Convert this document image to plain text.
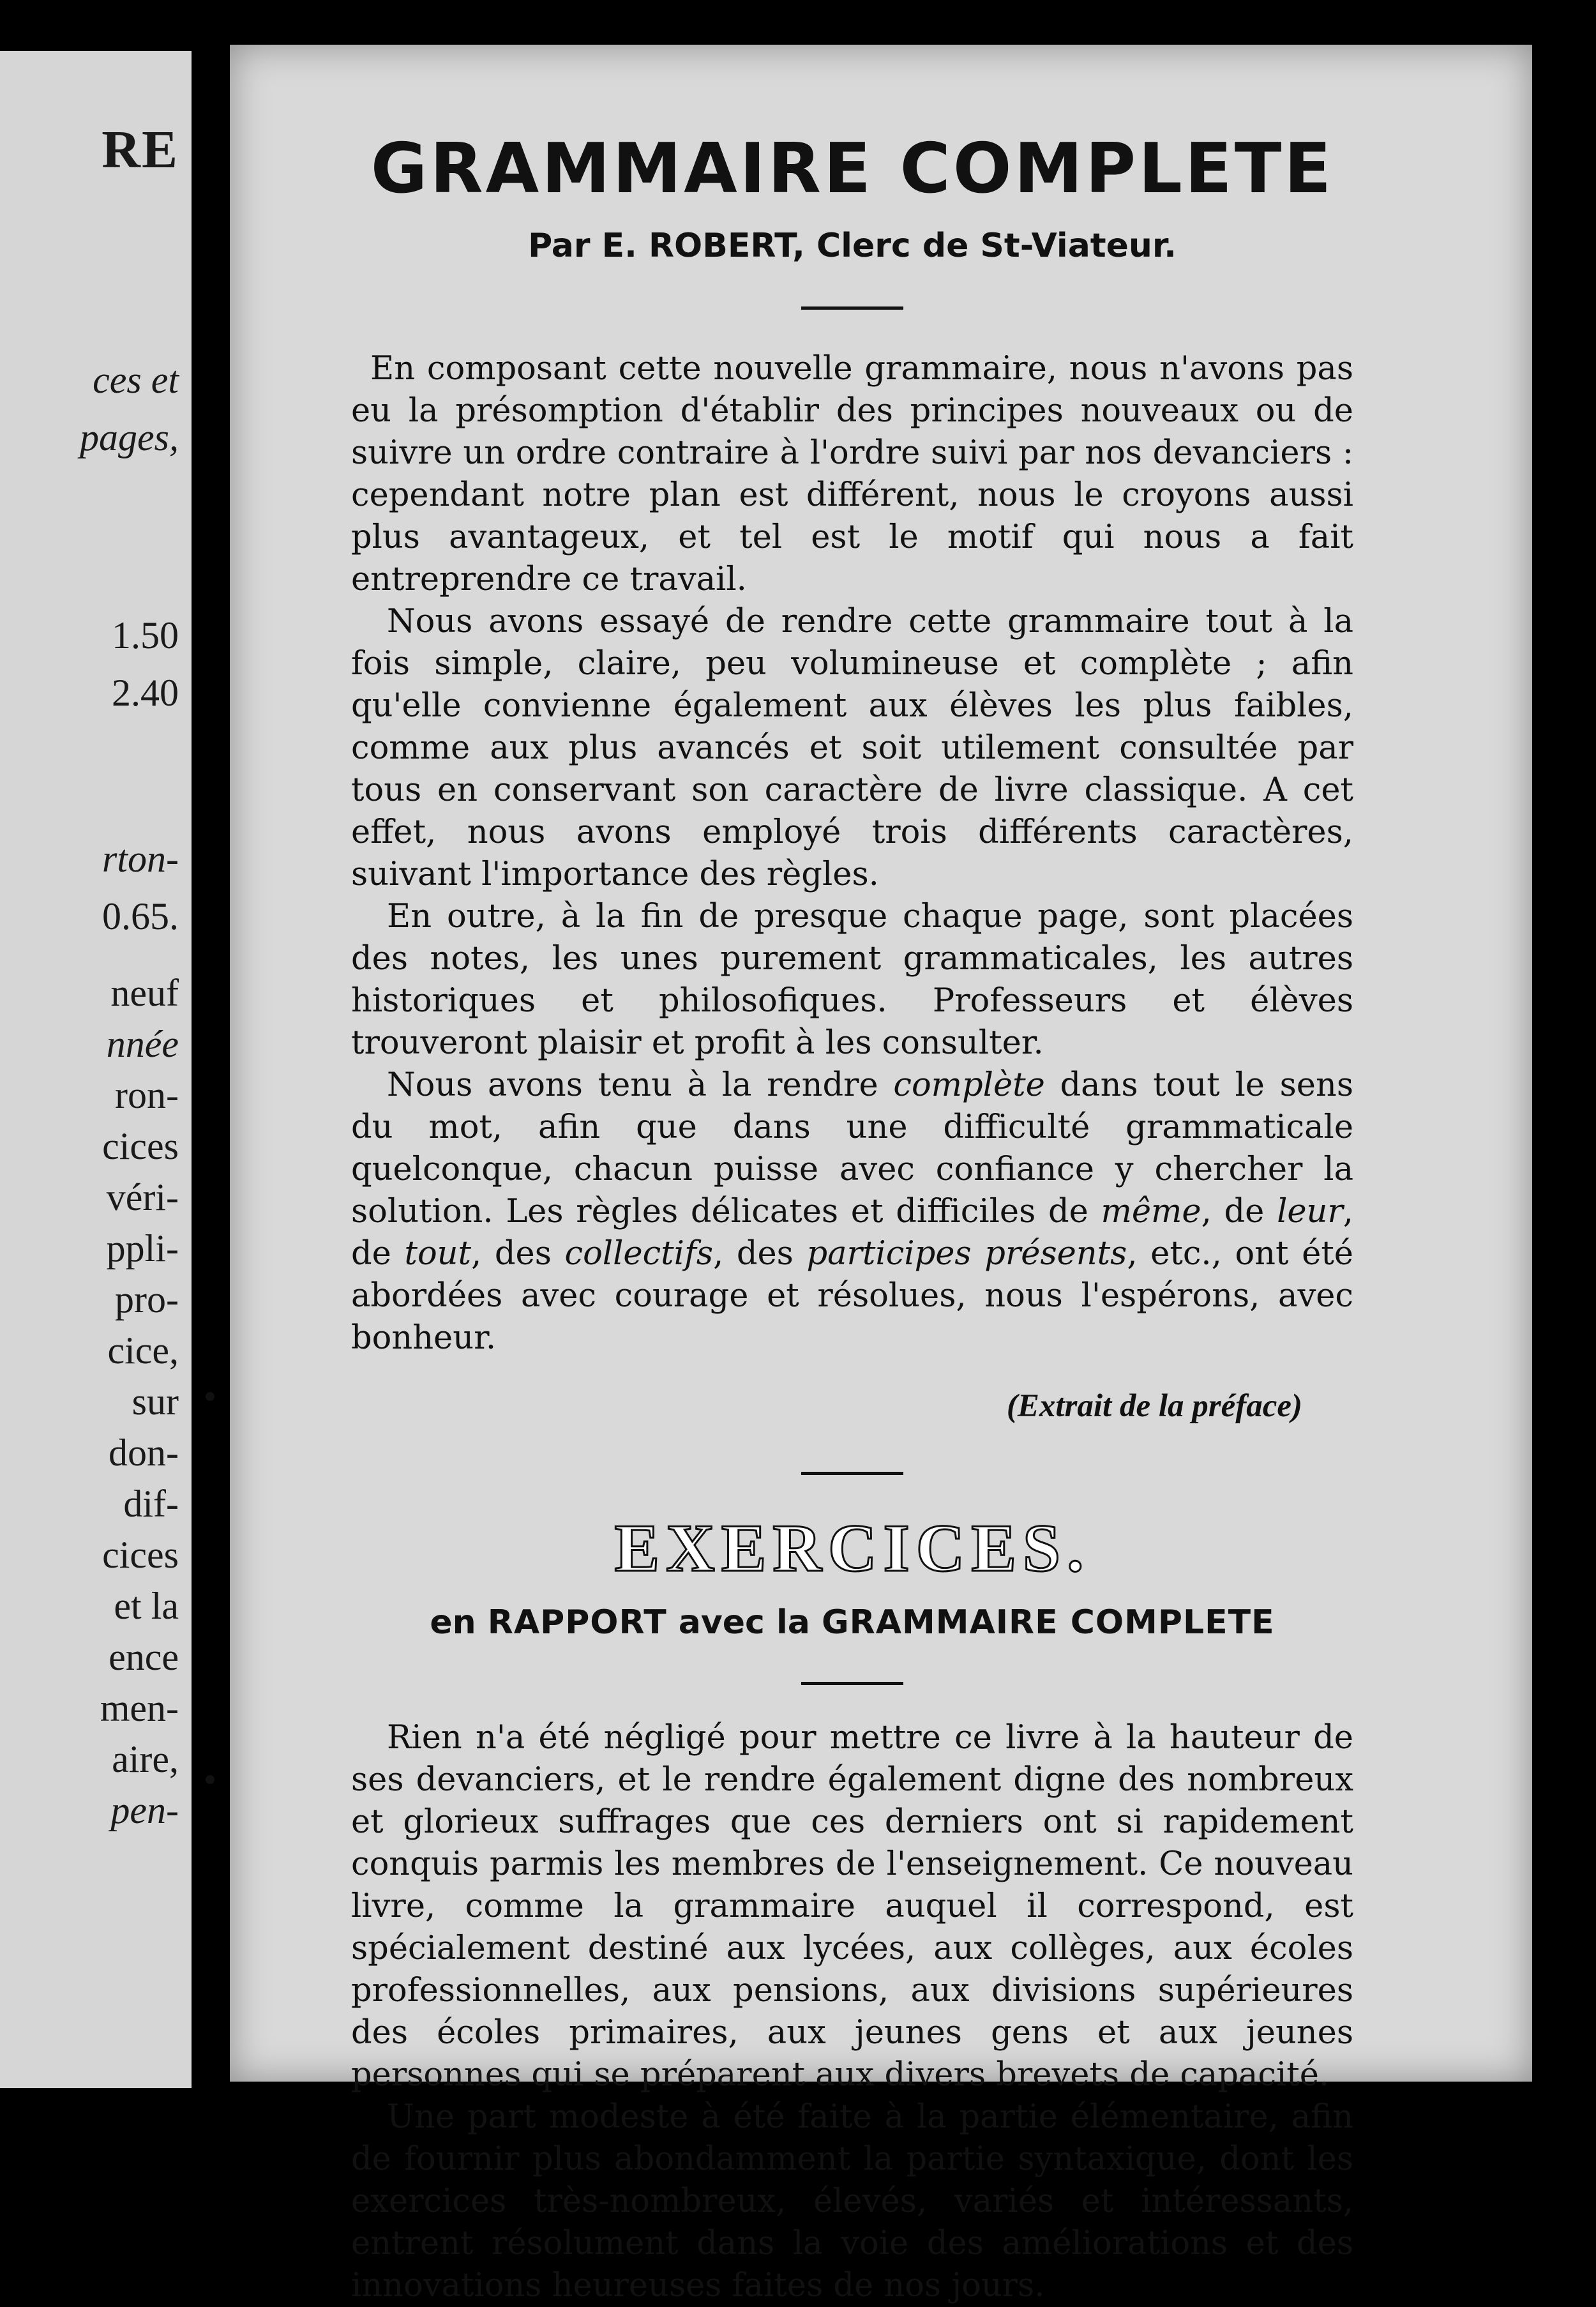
RE
ces et
pages,
1.50
2.40
rton-
0.65.
neuf
nnée
ron-
cices
véri-
ppli-
pro-
cice,
sur
don-
dif-
cices
et la
ence
men-
aire,
pen-
GRAMMAIRE COMPLETE

Par E. ROBERT, Clerc de St-Viateur.

En composant cette nouvelle grammaire, nous n'avons pas eu la présomption d'établir des principes nouveaux ou de suivre un ordre contraire à l'ordre suivi par nos devanciers : cependant notre plan est différent, nous le croyons aussi plus avantageux, et tel est le motif qui nous a fait entreprendre ce travail.

Nous avons essayé de rendre cette grammaire tout à la fois simple, claire, peu volumineuse et complète ; afin qu'elle convienne également aux élèves les plus faibles, comme aux plus avancés et soit utilement consultée par tous en conservant son caractère de livre classique. A cet effet, nous avons employé trois différents caractères, suivant l'importance des règles.

En outre, à la fin de presque chaque page, sont placées des notes, les unes purement grammaticales, les autres historiques et philosofiques. Professeurs et élèves trouveront plaisir et profit à les consulter.

Nous avons tenu à la rendre complète dans tout le sens du mot, afin que dans une difficulté grammaticale quelconque, chacun puisse avec confiance y chercher la solution. Les règles délicates et difficiles de même, de leur, de tout, des collectifs, des participes présents, etc., ont été abordées avec courage et résolues, nous l'espérons, avec bonheur.

(Extrait de la préface)

EXERCICES.

en RAPPORT avec la GRAMMAIRE COMPLETE

Rien n'a été négligé pour mettre ce livre à la hauteur de ses devanciers, et le rendre également digne des nombreux et glorieux suffrages que ces derniers ont si rapidement conquis parmis les membres de l'enseignement. Ce nouveau livre, comme la grammaire auquel il correspond, est spécialement destiné aux lycées, aux collèges, aux écoles professionnelles, aux pensions, aux divisions supérieures des écoles primaires, aux jeunes gens et aux jeunes personnes qui se préparent aux divers brevets de capacité.

Une part modeste à été faite à la partie élémentaire, afin de fournir plus abondamment la partie syntaxique, dont les exercices très-nombreux, élevés, variés et intéressants, entrent résolument dans la voie des améliorations et des innovations heureuses faites de nos jours.
